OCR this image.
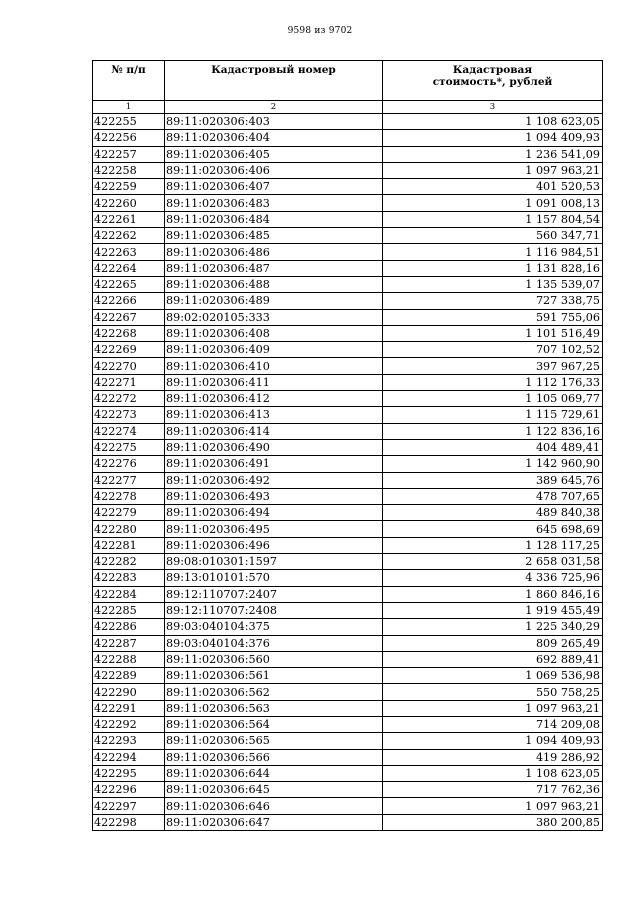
9598 из 9702
№ п/п	Кадастровый номер	Кадастровая стоимость*, рублей
1	2	3
422255	89:11:020306:403	1 108 623,05
422256	89:11:020306:404	1 094 409,93
422257	89:11:020306:405	1 236 541,09
422258	89:11:020306:406	1 097 963,21
422259	89:11:020306:407	401 520,53
422260	89:11:020306:483	1 091 008,13
422261	89:11:020306:484	1 157 804,54
422262	89:11:020306:485	560 347,71
422263	89:11:020306:486	1 116 984,51
422264	89:11:020306:487	1 131 828,16
422265	89:11:020306:488	1 135 539,07
422266	89:11:020306:489	727 338,75
422267	89:02:020105:333	591 755,06
422268	89:11:020306:408	1 101 516,49
422269	89:11:020306:409	707 102,52
422270	89:11:020306:410	397 967,25
422271	89:11:020306:411	1 112 176,33
422272	89:11:020306:412	1 105 069,77
422273	89:11:020306:413	1 115 729,61
422274	89:11:020306:414	1 122 836,16
422275	89:11:020306:490	404 489,41
422276	89:11:020306:491	1 142 960,90
422277	89:11:020306:492	389 645,76
422278	89:11:020306:493	478 707,65
422279	89:11:020306:494	489 840,38
422280	89:11:020306:495	645 698,69
422281	89:11:020306:496	1 128 117,25
422282	89:08:010301:1597	2 658 031,58
422283	89:13:010101:570	4 336 725,96
422284	89:12:110707:2407	1 860 846,16
422285	89:12:110707:2408	1 919 455,49
422286	89:03:040104:375	1 225 340,29
422287	89:03:040104:376	809 265,49
422288	89:11:020306:560	692 889,41
422289	89:11:020306:561	1 069 536,98
422290	89:11:020306:562	550 758,25
422291	89:11:020306:563	1 097 963,21
422292	89:11:020306:564	714 209,08
422293	89:11:020306:565	1 094 409,93
422294	89:11:020306:566	419 286,92
422295	89:11:020306:644	1 108 623,05
422296	89:11:020306:645	717 762,36
422297	89:11:020306:646	1 097 963,21
422298	89:11:020306:647	380 200,85
